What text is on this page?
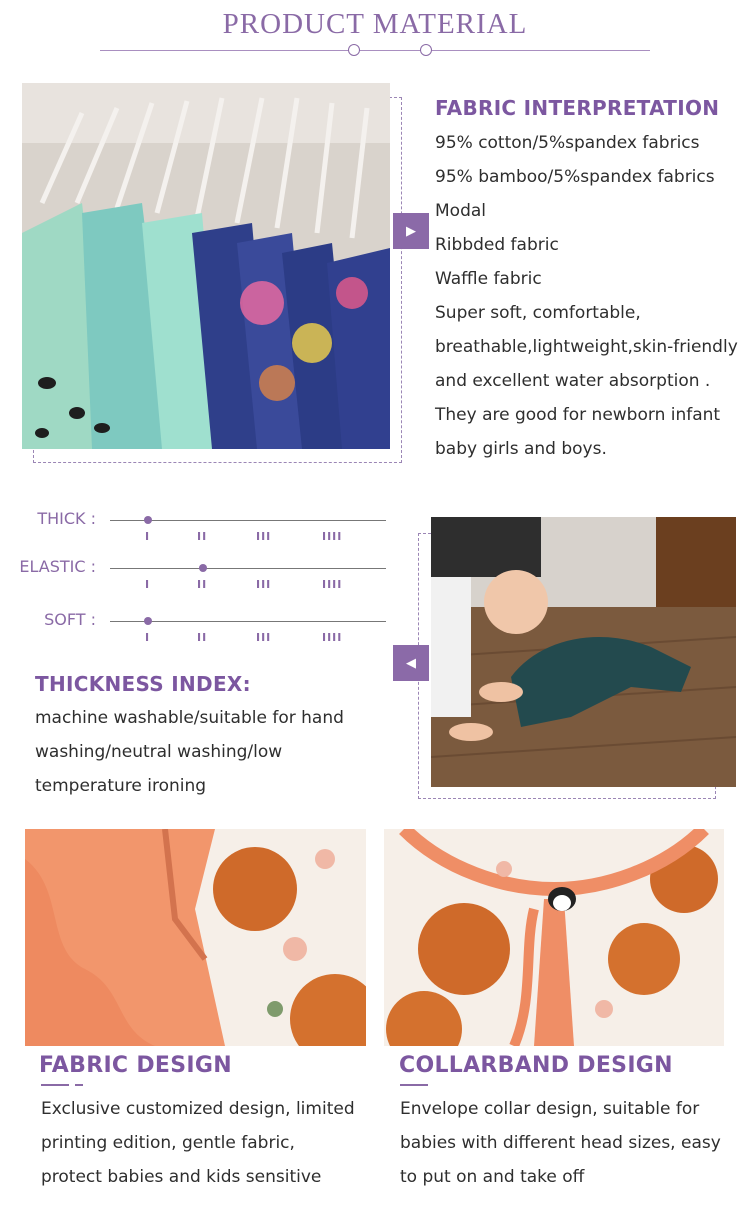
PRODUCT MATERIAL
▶
FABRIC INTERPRETATION
95% cotton/5%spandex fabrics
95% bamboo/5%spandex fabrics
Modal
Ribbded fabric
Waffle fabric
Super soft, comfortable,
breathable,lightweight,skin-friendly
and excellent water absorption .
They are good for newborn infant
baby girls and boys.
THICK :
I	II	III	IIII
ELASTIC :
I	II	III	IIII
SOFT :
I	II	III	IIII
THICKNESS INDEX:
machine washable/suitable for hand
washing/neutral washing/low
temperature ironing
◀
FABRIC DESIGN
Exclusive customized design, limited
printing edition, gentle fabric,
protect babies and kids sensitive
COLLARBAND DESIGN
Envelope collar design, suitable for
babies with different head sizes, easy
to put on and take off
